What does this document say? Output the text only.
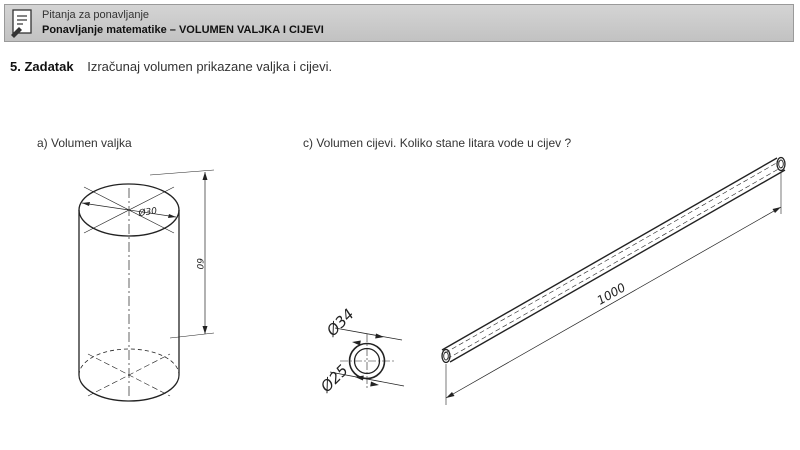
Pitanja za ponavljanje
Ponavljanje matematike – VOLUMEN VALJKA I CIJEVI
5. Zadatak Izračunaj volumen prikazane valjka i cijevi.
a) Volumen valjka	c) Volumen cijevi. Koliko stane litara vode u cijev ?
Ø30
60
Ø34
Ø25
1000
